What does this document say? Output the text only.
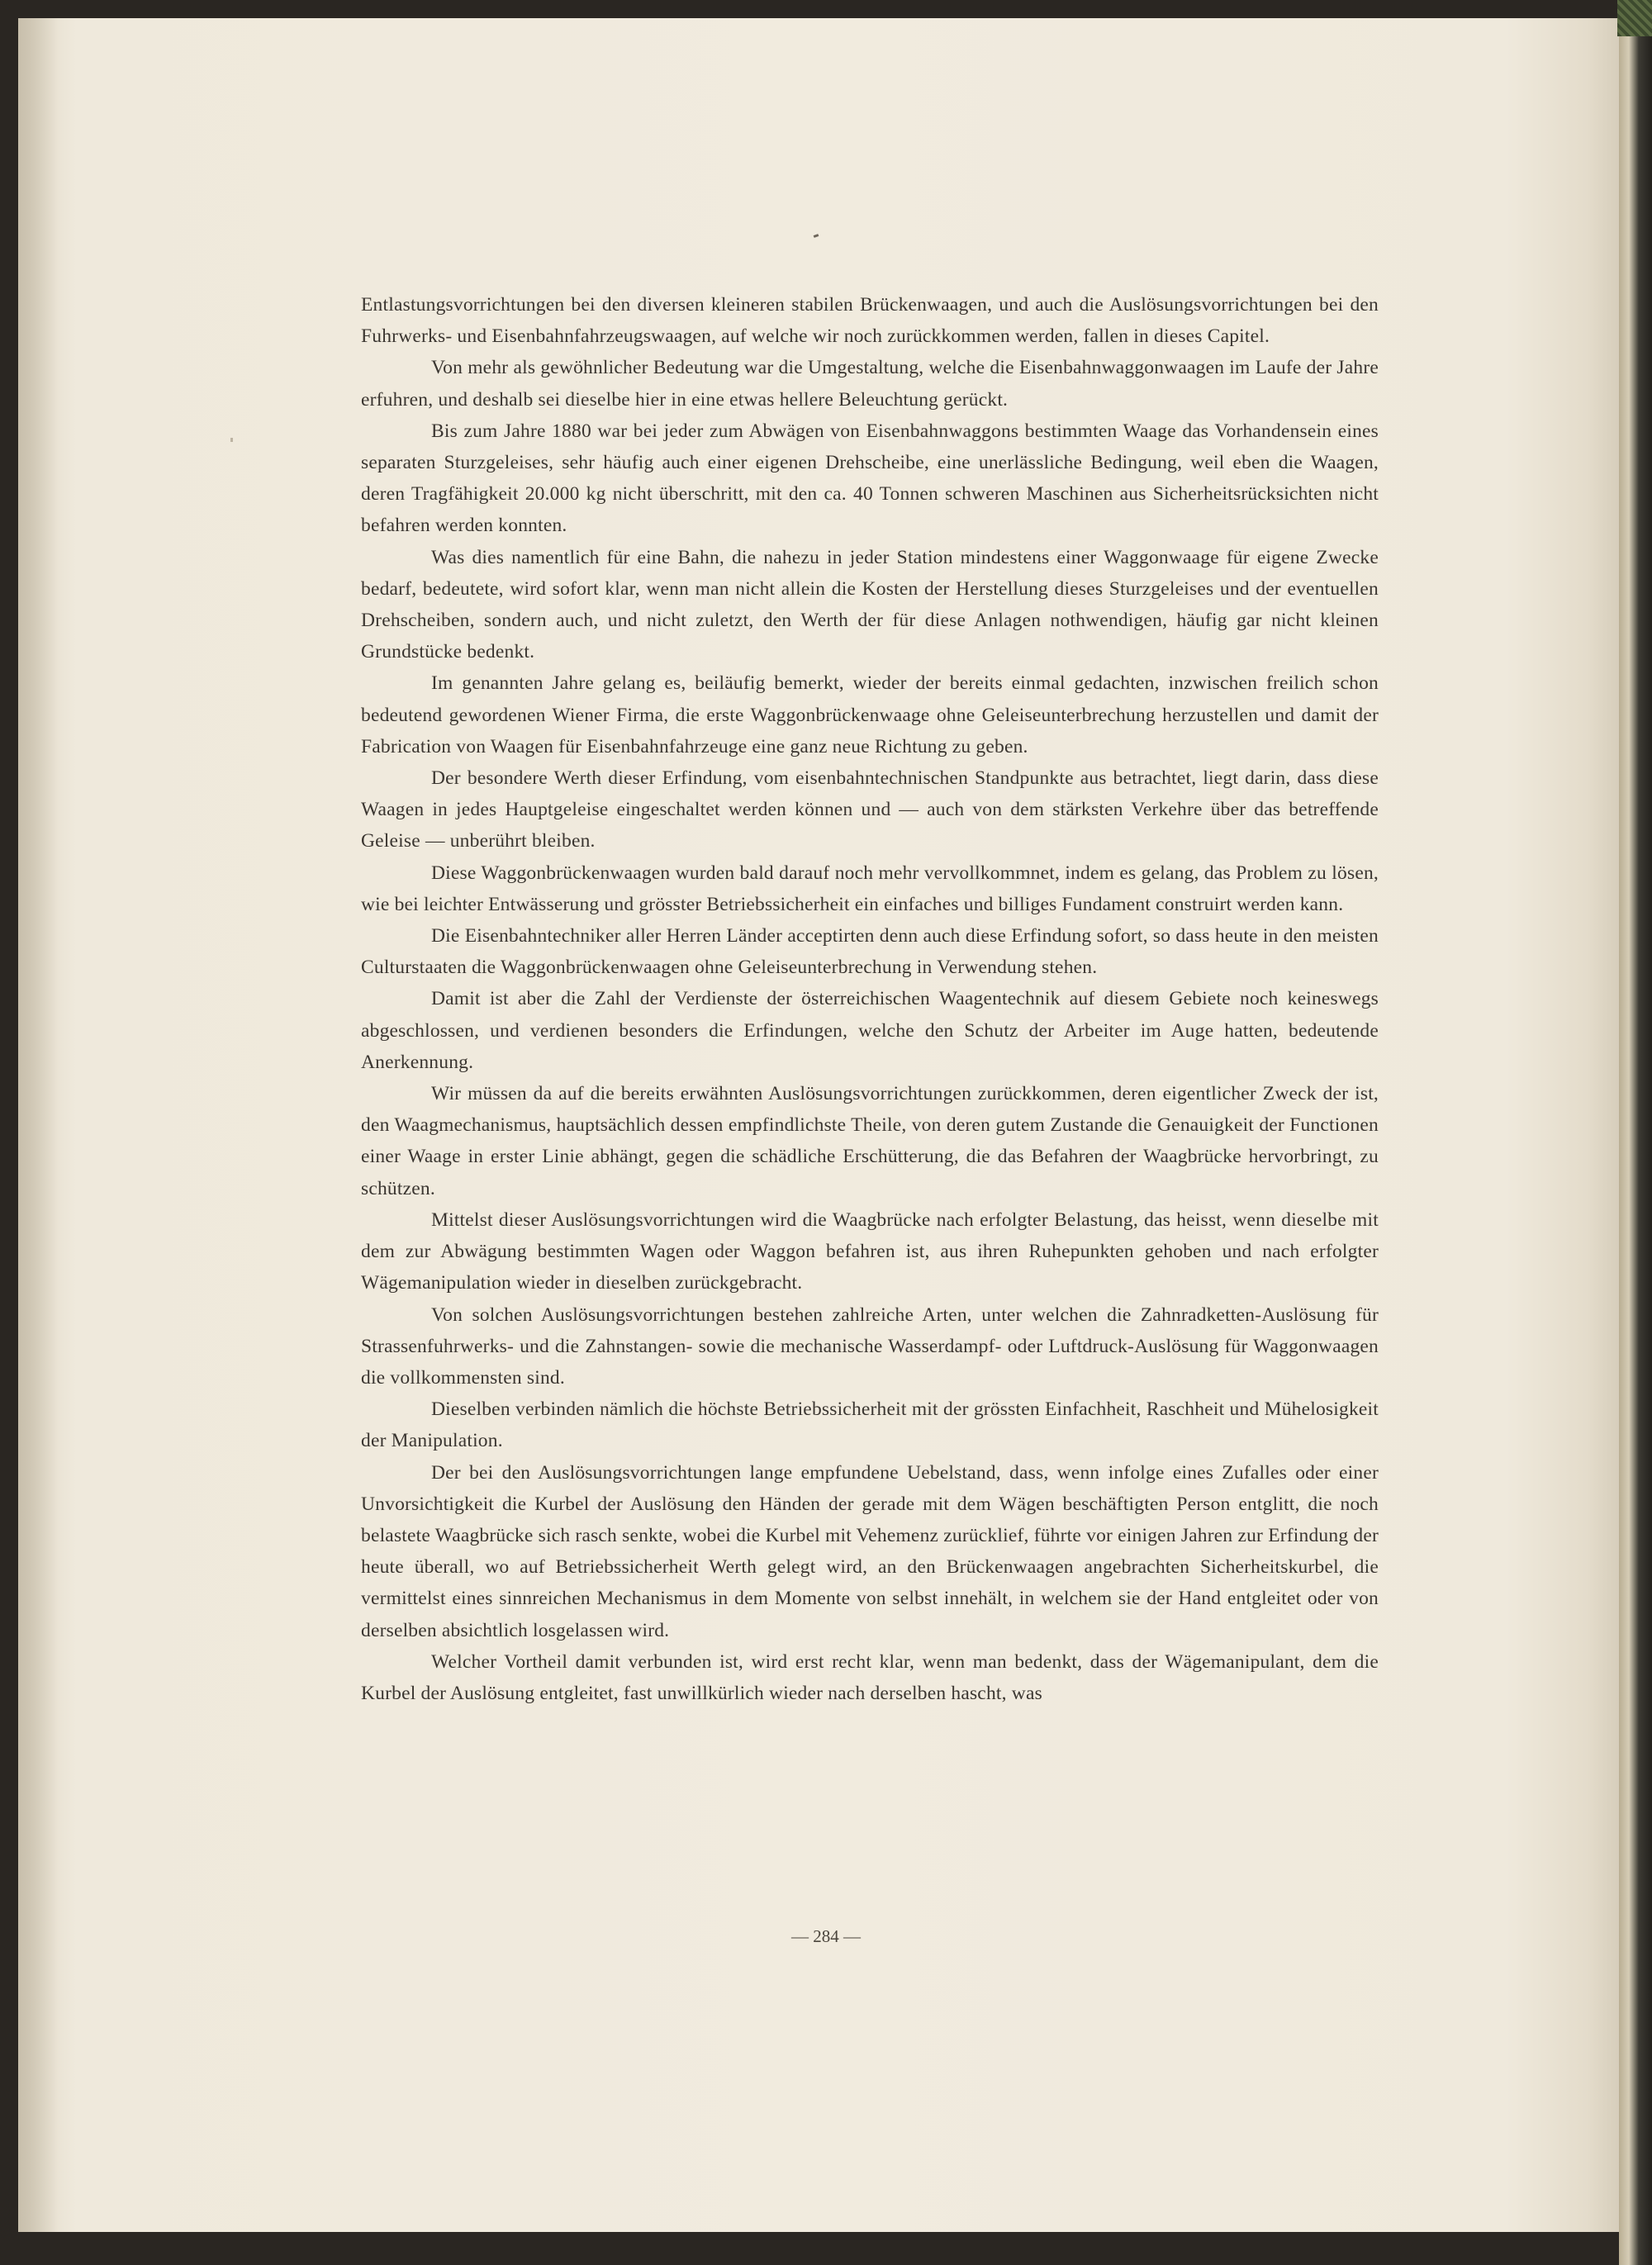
Entlastungsvorrichtungen bei den diversen kleineren stabilen Brückenwaagen, und auch die Auslösungsvorrichtungen bei den Fuhrwerks- und Eisenbahnfahrzeugswaagen, auf welche wir noch zurückkommen werden, fallen in dieses Capitel.

Von mehr als gewöhnlicher Bedeutung war die Umgestaltung, welche die Eisenbahnwaggonwaagen im Laufe der Jahre erfuhren, und deshalb sei dieselbe hier in eine etwas hellere Beleuchtung gerückt.

Bis zum Jahre 1880 war bei jeder zum Abwägen von Eisenbahnwaggons bestimmten Waage das Vorhandensein eines separaten Sturzgeleises, sehr häufig auch einer eigenen Drehscheibe, eine unerlässliche Bedingung, weil eben die Waagen, deren Tragfähigkeit 20.000 kg nicht überschritt, mit den ca. 40 Tonnen schweren Maschinen aus Sicherheitsrücksichten nicht befahren werden konnten.

Was dies namentlich für eine Bahn, die nahezu in jeder Station mindestens einer Waggonwaage für eigene Zwecke bedarf, bedeutete, wird sofort klar, wenn man nicht allein die Kosten der Herstellung dieses Sturzgeleises und der eventuellen Drehscheiben, sondern auch, und nicht zuletzt, den Werth der für diese Anlagen nothwendigen, häufig gar nicht kleinen Grundstücke bedenkt.

Im genannten Jahre gelang es, beiläufig bemerkt, wieder der bereits einmal gedachten, inzwischen freilich schon bedeutend gewordenen Wiener Firma, die erste Waggonbrückenwaage ohne Geleiseunterbrechung herzustellen und damit der Fabrication von Waagen für Eisenbahnfahrzeuge eine ganz neue Richtung zu geben.

Der besondere Werth dieser Erfindung, vom eisenbahntechnischen Standpunkte aus betrachtet, liegt darin, dass diese Waagen in jedes Hauptgeleise eingeschaltet werden können und — auch von dem stärksten Verkehre über das betreffende Geleise — unberührt bleiben.

Diese Waggonbrückenwaagen wurden bald darauf noch mehr vervollkommnet, indem es gelang, das Problem zu lösen, wie bei leichter Entwässerung und grösster Betriebssicherheit ein einfaches und billiges Fundament construirt werden kann.

Die Eisenbahntechniker aller Herren Länder acceptirten denn auch diese Erfindung sofort, so dass heute in den meisten Culturstaaten die Waggonbrückenwaagen ohne Geleiseunterbrechung in Verwendung stehen.

Damit ist aber die Zahl der Verdienste der österreichischen Waagentechnik auf diesem Gebiete noch keineswegs abgeschlossen, und verdienen besonders die Erfindungen, welche den Schutz der Arbeiter im Auge hatten, bedeutende Anerkennung.

Wir müssen da auf die bereits erwähnten Auslösungsvorrichtungen zurückkommen, deren eigentlicher Zweck der ist, den Waagmechanismus, hauptsächlich dessen empfindlichste Theile, von deren gutem Zustande die Genauigkeit der Functionen einer Waage in erster Linie abhängt, gegen die schädliche Erschütterung, die das Befahren der Waagbrücke hervorbringt, zu schützen.

Mittelst dieser Auslösungsvorrichtungen wird die Waagbrücke nach erfolgter Belastung, das heisst, wenn dieselbe mit dem zur Abwägung bestimmten Wagen oder Waggon befahren ist, aus ihren Ruhepunkten gehoben und nach erfolgter Wägemanipulation wieder in dieselben zurückgebracht.

Von solchen Auslösungsvorrichtungen bestehen zahlreiche Arten, unter welchen die Zahnradketten-Auslösung für Strassenfuhrwerks- und die Zahnstangen- sowie die mechanische Wasserdampf- oder Luftdruck-Auslösung für Waggonwaagen die vollkommensten sind.

Dieselben verbinden nämlich die höchste Betriebssicherheit mit der grössten Einfachheit, Raschheit und Mühelosigkeit der Manipulation.

Der bei den Auslösungsvorrichtungen lange empfundene Uebelstand, dass, wenn infolge eines Zufalles oder einer Unvorsichtigkeit die Kurbel der Auslösung den Händen der gerade mit dem Wägen beschäftigten Person entglitt, die noch belastete Waagbrücke sich rasch senkte, wobei die Kurbel mit Vehemenz zurücklief, führte vor einigen Jahren zur Erfindung der heute überall, wo auf Betriebssicherheit Werth gelegt wird, an den Brückenwaagen angebrachten Sicherheitskurbel, die vermittelst eines sinnreichen Mechanismus in dem Momente von selbst innehält, in welchem sie der Hand entgleitet oder von derselben absichtlich losgelassen wird.

Welcher Vortheil damit verbunden ist, wird erst recht klar, wenn man bedenkt, dass der Wägemanipulant, dem die Kurbel der Auslösung entgleitet, fast unwillkürlich wieder nach derselben hascht, was

— 284 —
